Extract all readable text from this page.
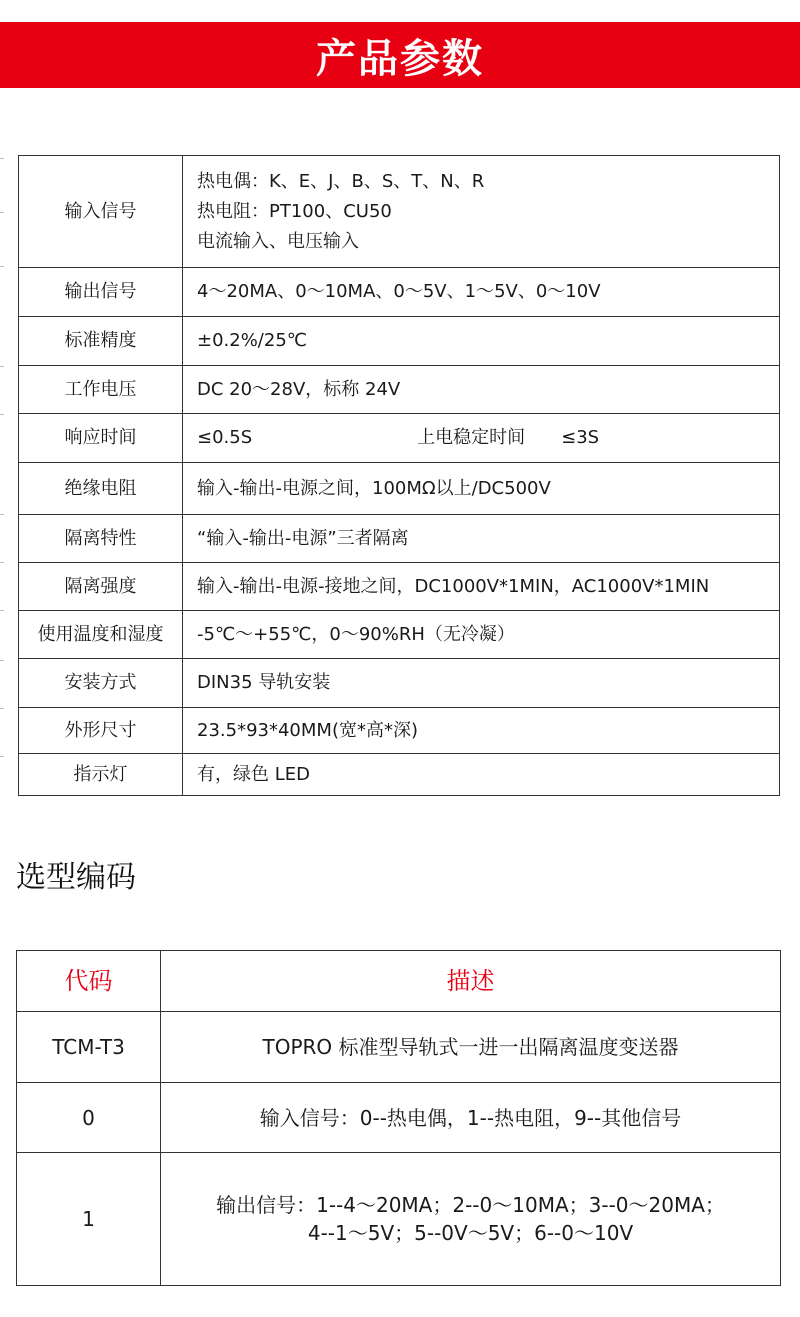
产品参数
输入信号	热电偶：K、E、J、B、S、T、N、R
热电阻：PT100、CU50
电流输入、电压输入

输出信号	4～20MA、0～10MA、0～5V、1～5V、0～10V
标准精度	±0.2%/25℃
工作电压	DC 20～28V，标称 24V
响应时间	≤0.5S 上电稳定时间　　≤3S
绝缘电阻	输入-输出-电源之间，100MΩ以上/DC500V
隔离特性	“输入-输出-电源”三者隔离
隔离强度	输入-输出-电源-接地之间，DC1000V*1MIN，AC1000V*1MIN
使用温度和湿度	-5℃～+55℃，0～90%RH（无冷凝）
安装方式	DIN35 导轨安装
外形尺寸	23.5*93*40MM(宽*高*深)
指示灯	有，绿色 LED
选型编码
代码	描述
TCM-T3	TOPRO 标准型导轨式一进一出隔离温度变送器
0	输入信号：0--热电偶，1--热电阻，9--其他信号
1	输出信号：1--4～20MA；2--0～10MA；3--0～20MA；
4--1～5V；5--0V～5V；6--0～10V
